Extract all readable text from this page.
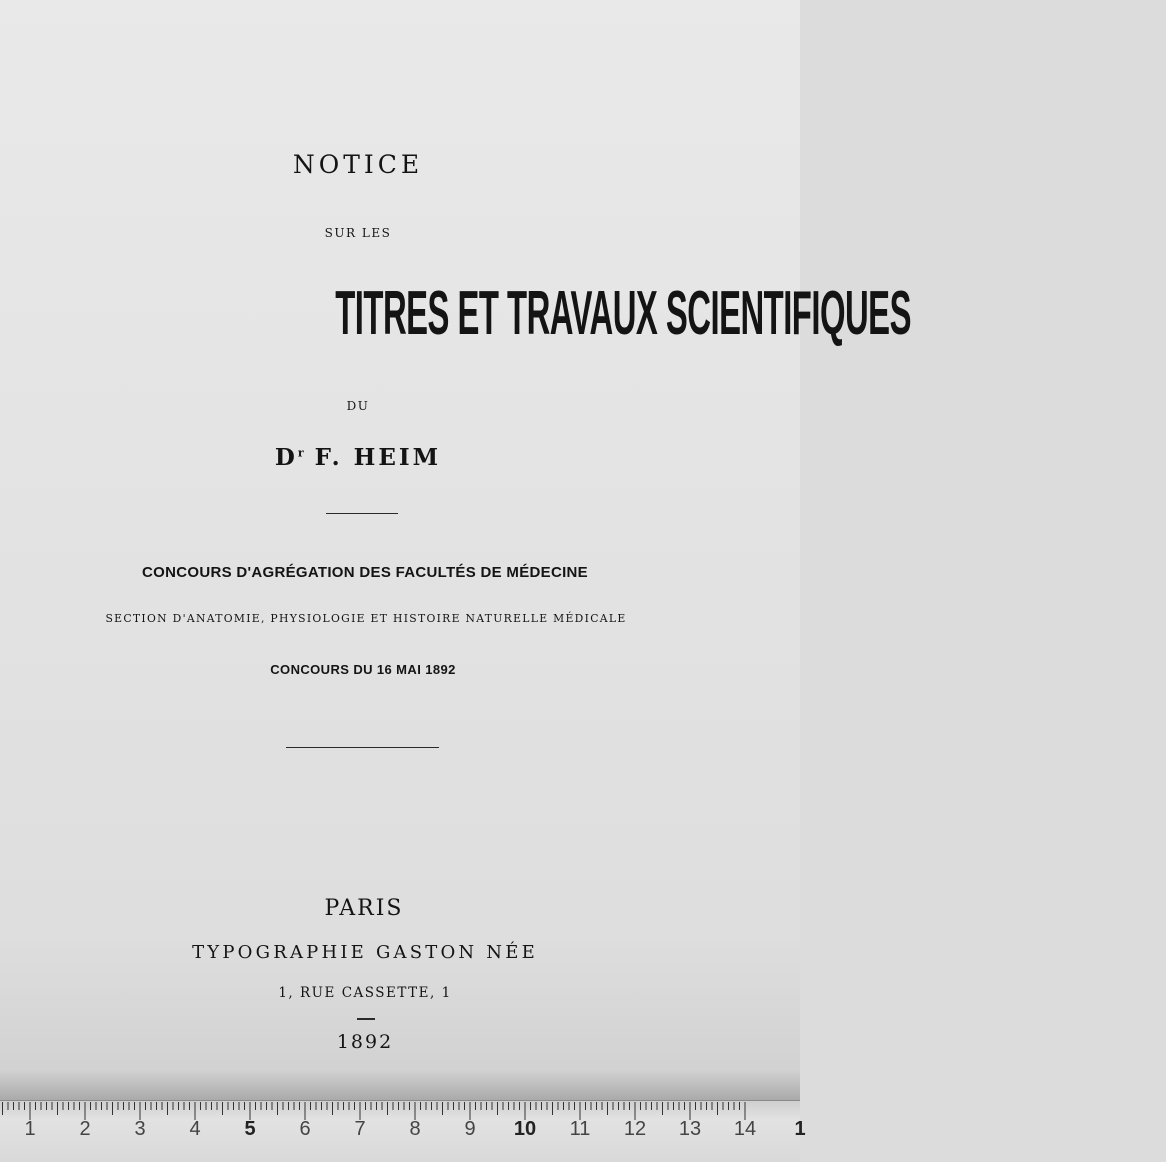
NOTICE
SUR LES
TITRES ET TRAVAUX SCIENTIFIQUES
DU
$D^r$ F. HEIM
CONCOURS D'AGRÉGATION DES FACULTÉS DE MÉDECINE
SECTION D'ANATOMIE, PHYSIOLOGIE ET HISTOIRE NATURELLE MÉDICALE
CONCOURS DU 16 MAI 1892
PARIS
TYPOGRAPHIE GASTON NÉE
1, RUE CASSETTE, 1
1892
1 2 3 4 5 6 7 8 9 10 11 12 13 14 1
